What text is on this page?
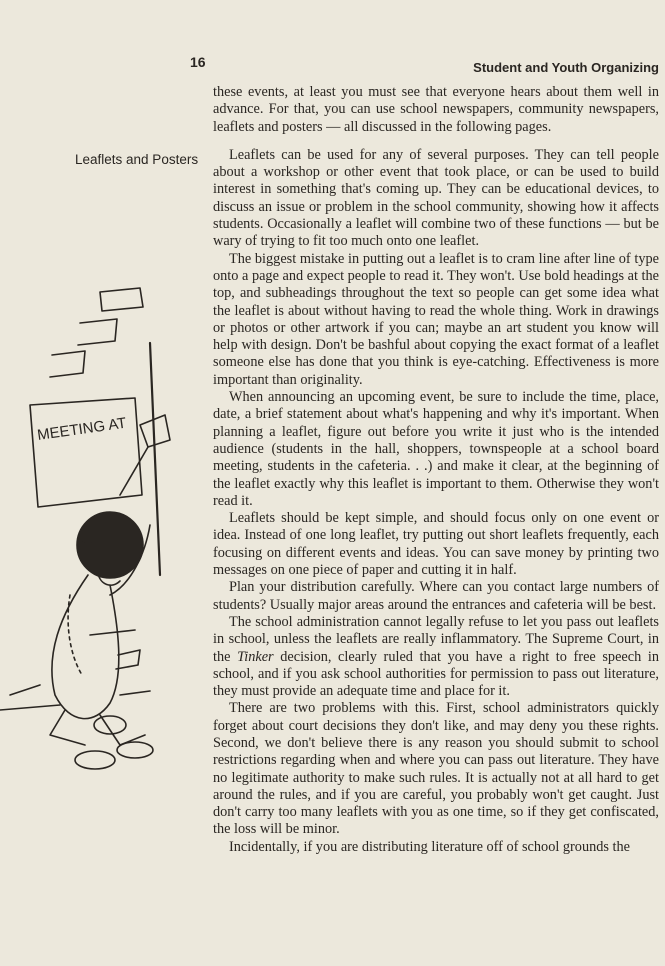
16	Student and Youth Organizing
Leaflets and Posters
MEETING AT

these events, at least you must see that everyone hears about them well in advance. For that, you can use school newspapers, community newspapers, leaflets and posters — all discussed in the following pages.

Leaflets can be used for any of several purposes. They can tell people about a workshop or other event that took place, or can be used to build interest in something that's coming up. They can be educational devices, to discuss an issue or problem in the school community, showing how it affects students. Occasionally a leaflet will combine two of these functions — but be wary of trying to fit too much onto one leaflet.

The biggest mistake in putting out a leaflet is to cram line after line of type onto a page and expect people to read it. They won't. Use bold headings at the top, and subheadings throughout the text so people can get some idea what the leaflet is about without having to read the whole thing. Work in drawings or photos or other artwork if you can; maybe an art student you know will help with design. Don't be bashful about copying the exact format of a leaflet someone else has done that you think is eye-catching. Effectiveness is more important than originality.

When announcing an upcoming event, be sure to include the time, place, date, a brief statement about what's happening and why it's important. When planning a leaflet, figure out before you write it just who is the intended audience (students in the hall, shoppers, townspeople at a school board meeting, students in the cafeteria. . .) and make it clear, at the beginning of the leaflet exactly why this leaflet is important to them. Otherwise they won't read it.

Leaflets should be kept simple, and should focus only on one event or idea. Instead of one long leaflet, try putting out short leaflets frequently, each focusing on different events and ideas. You can save money by printing two messages on one piece of paper and cutting it in half.

Plan your distribution carefully. Where can you contact large numbers of students? Usually major areas around the entrances and cafeteria will be best.

The school administration cannot legally refuse to let you pass out leaflets in school, unless the leaflets are really inflammatory. The Supreme Court, in the Tinker decision, clearly ruled that you have a right to free speech in school, and if you ask school authorities for permission to pass out literature, they must provide an adequate time and place for it.

There are two problems with this. First, school administrators quickly forget about court decisions they don't like, and may deny you these rights. Second, we don't believe there is any reason you should submit to school restrictions regarding when and where you can pass out literature. They have no legitimate authority to make such rules. It is actually not at all hard to get around the rules, and if you are careful, you probably won't get caught. Just don't carry too many leaflets with you as one time, so if they get confiscated, the loss will be minor.

Incidentally, if you are distributing literature off of school grounds the
